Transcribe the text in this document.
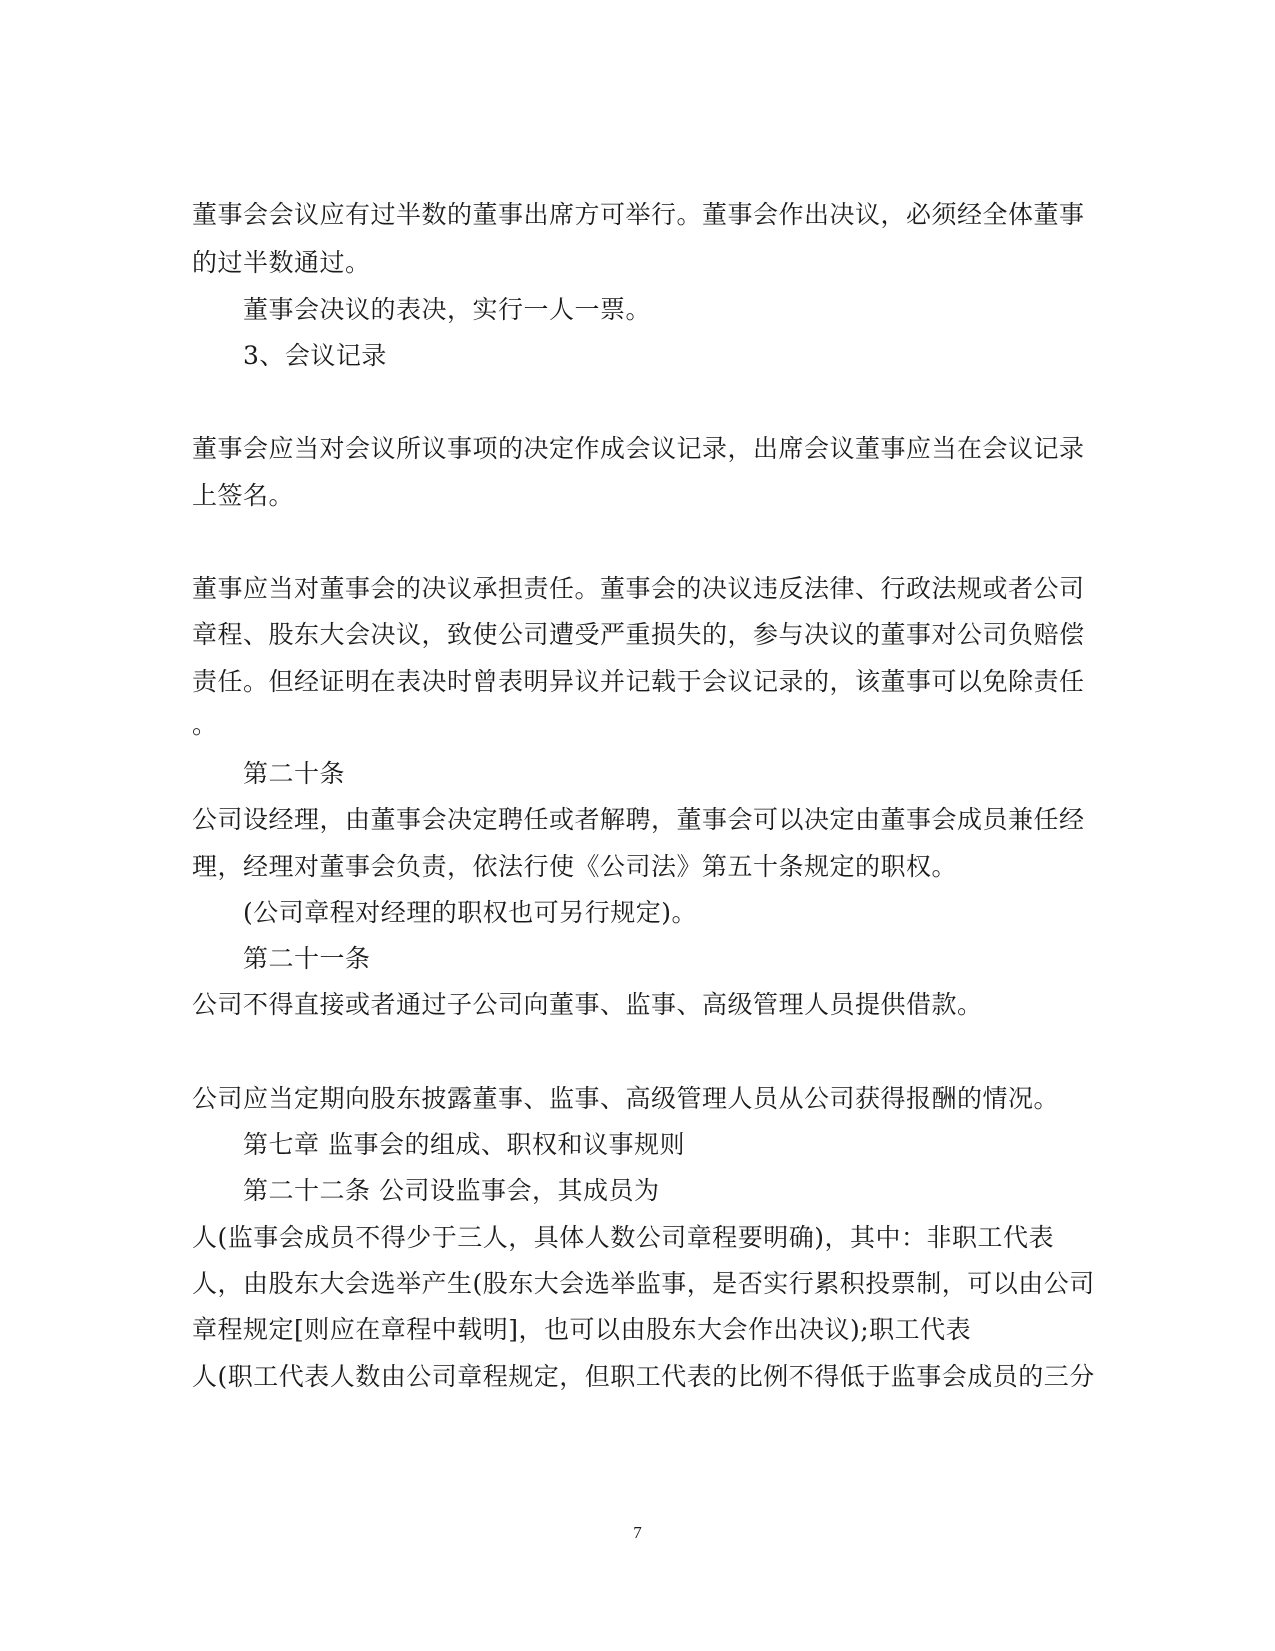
董事会会议应有过半数的董事出席方可举行。董事会作出决议，必须经全体董事
的过半数通过。
董事会决议的表决，实行一人一票。
3、会议记录
董事会应当对会议所议事项的决定作成会议记录，出席会议董事应当在会议记录
上签名。
董事应当对董事会的决议承担责任。董事会的决议违反法律、行政法规或者公司
章程、股东大会决议，致使公司遭受严重损失的，参与决议的董事对公司负赔偿
责任。但经证明在表决时曾表明异议并记载于会议记录的，该董事可以免除责任
。
第二十条
公司设经理，由董事会决定聘任或者解聘，董事会可以决定由董事会成员兼任经
理，经理对董事会负责，依法行使《公司法》第五十条规定的职权。
(公司章程对经理的职权也可另行规定)。
第二十一条
公司不得直接或者通过子公司向董事、监事、高级管理人员提供借款。
公司应当定期向股东披露董事、监事、高级管理人员从公司获得报酬的情况。
第七章 监事会的组成、职权和议事规则
第二十二条 公司设监事会，其成员为
人(监事会成员不得少于三人，具体人数公司章程要明确)，其中：非职工代表
人，由股东大会选举产生(股东大会选举监事，是否实行累积投票制，可以由公司
章程规定[则应在章程中载明]，也可以由股东大会作出决议);职工代表
人(职工代表人数由公司章程规定，但职工代表的比例不得低于监事会成员的三分
7
